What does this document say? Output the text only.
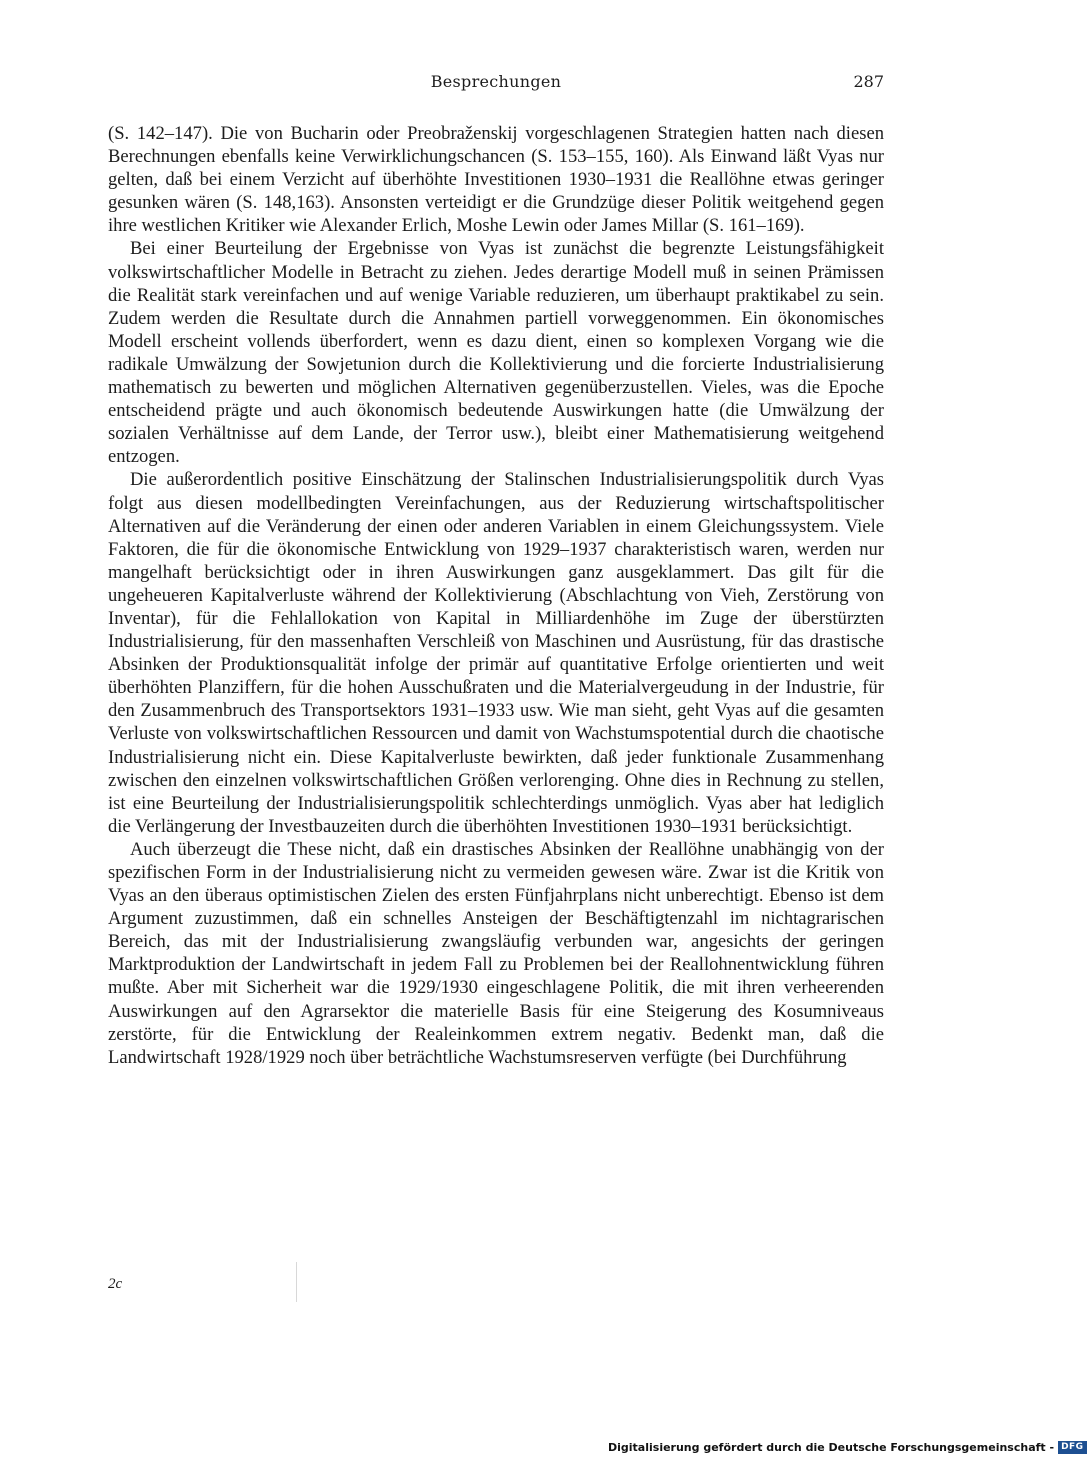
Besprechungen	287

(S. 142–147). Die von Bucharin oder Preobraženskij vorgeschlagenen Strategien hatten nach diesen Berechnungen ebenfalls keine Verwirklichungschancen (S. 153–155, 160). Als Einwand läßt Vyas nur gelten, daß bei einem Verzicht auf überhöhte Investitionen 1930–1931 die Reallöhne etwas geringer gesunken wären (S. 148,163). Ansonsten verteidigt er die Grundzüge dieser Politik weitgehend gegen ihre westlichen Kritiker wie Alexander Erlich, Moshe Lewin oder James Millar (S. 161–169).

Bei einer Beurteilung der Ergebnisse von Vyas ist zunächst die begrenzte Leistungsfähigkeit volkswirtschaftlicher Modelle in Betracht zu ziehen. Jedes derartige Modell muß in seinen Prämissen die Realität stark vereinfachen und auf wenige Variable reduzieren, um überhaupt praktikabel zu sein. Zudem werden die Resultate durch die Annahmen partiell vorweggenommen. Ein ökonomisches Modell erscheint vollends überfordert, wenn es dazu dient, einen so komplexen Vorgang wie die radikale Umwälzung der Sowjetunion durch die Kollektivierung und die forcierte Industrialisierung mathematisch zu bewerten und möglichen Alternativen gegenüberzustellen. Vieles, was die Epoche entscheidend prägte und auch ökonomisch bedeutende Auswirkungen hatte (die Umwälzung der sozialen Verhältnisse auf dem Lande, der Terror usw.), bleibt einer Mathematisierung weitgehend entzogen.

Die außerordentlich positive Einschätzung der Stalinschen Industrialisierungspolitik durch Vyas folgt aus diesen modellbedingten Vereinfachungen, aus der Reduzierung wirtschaftspolitischer Alternativen auf die Veränderung der einen oder anderen Variablen in einem Gleichungssystem. Viele Faktoren, die für die ökonomische Entwicklung von 1929–1937 charakteristisch waren, werden nur mangelhaft berücksichtigt oder in ihren Auswirkungen ganz ausgeklammert. Das gilt für die ungeheueren Kapitalverluste während der Kollektivierung (Abschlachtung von Vieh, Zerstörung von Inventar), für die Fehlallokation von Kapital in Milliardenhöhe im Zuge der überstürzten Industrialisierung, für den massenhaften Verschleiß von Maschinen und Ausrüstung, für das drastische Absinken der Produktionsqualität infolge der primär auf quantitative Erfolge orientierten und weit überhöhten Planziffern, für die hohen Ausschußraten und die Materialvergeudung in der Industrie, für den Zusammenbruch des Transportsektors 1931–1933 usw. Wie man sieht, geht Vyas auf die gesamten Verluste von volkswirtschaftlichen Ressourcen und damit von Wachstumspotential durch die chaotische Industrialisierung nicht ein. Diese Kapitalverluste bewirkten, daß jeder funktionale Zusammenhang zwischen den einzelnen volkswirtschaftlichen Größen verlorenging. Ohne dies in Rechnung zu stellen, ist eine Beurteilung der Industrialisierungspolitik schlechterdings unmöglich. Vyas aber hat lediglich die Verlängerung der Investbauzeiten durch die überhöhten Investitionen 1930–1931 berücksichtigt.

Auch überzeugt die These nicht, daß ein drastisches Absinken der Reallöhne unabhängig von der spezifischen Form in der Industrialisierung nicht zu vermeiden gewesen wäre. Zwar ist die Kritik von Vyas an den überaus optimistischen Zielen des ersten Fünfjahrplans nicht unberechtigt. Ebenso ist dem Argument zuzustimmen, daß ein schnelles Ansteigen der Beschäftigtenzahl im nichtagrarischen Bereich, das mit der Industrialisierung zwangsläufig verbunden war, angesichts der geringen Marktproduktion der Landwirtschaft in jedem Fall zu Problemen bei der Reallohnentwicklung führen mußte. Aber mit Sicherheit war die 1929/1930 eingeschlagene Politik, die mit ihren verheerenden Auswirkungen auf den Agrarsektor die materielle Basis für eine Steigerung des Kosumniveaus zerstörte, für die Entwicklung der Realeinkommen extrem negativ. Bedenkt man, daß die Landwirtschaft 1928/1929 noch über beträchtliche Wachstumsreserven verfügte (bei Durchführung

2c
Digitalisierung gefördert durch die Deutsche Forschungsgemeinschaft - DFG
